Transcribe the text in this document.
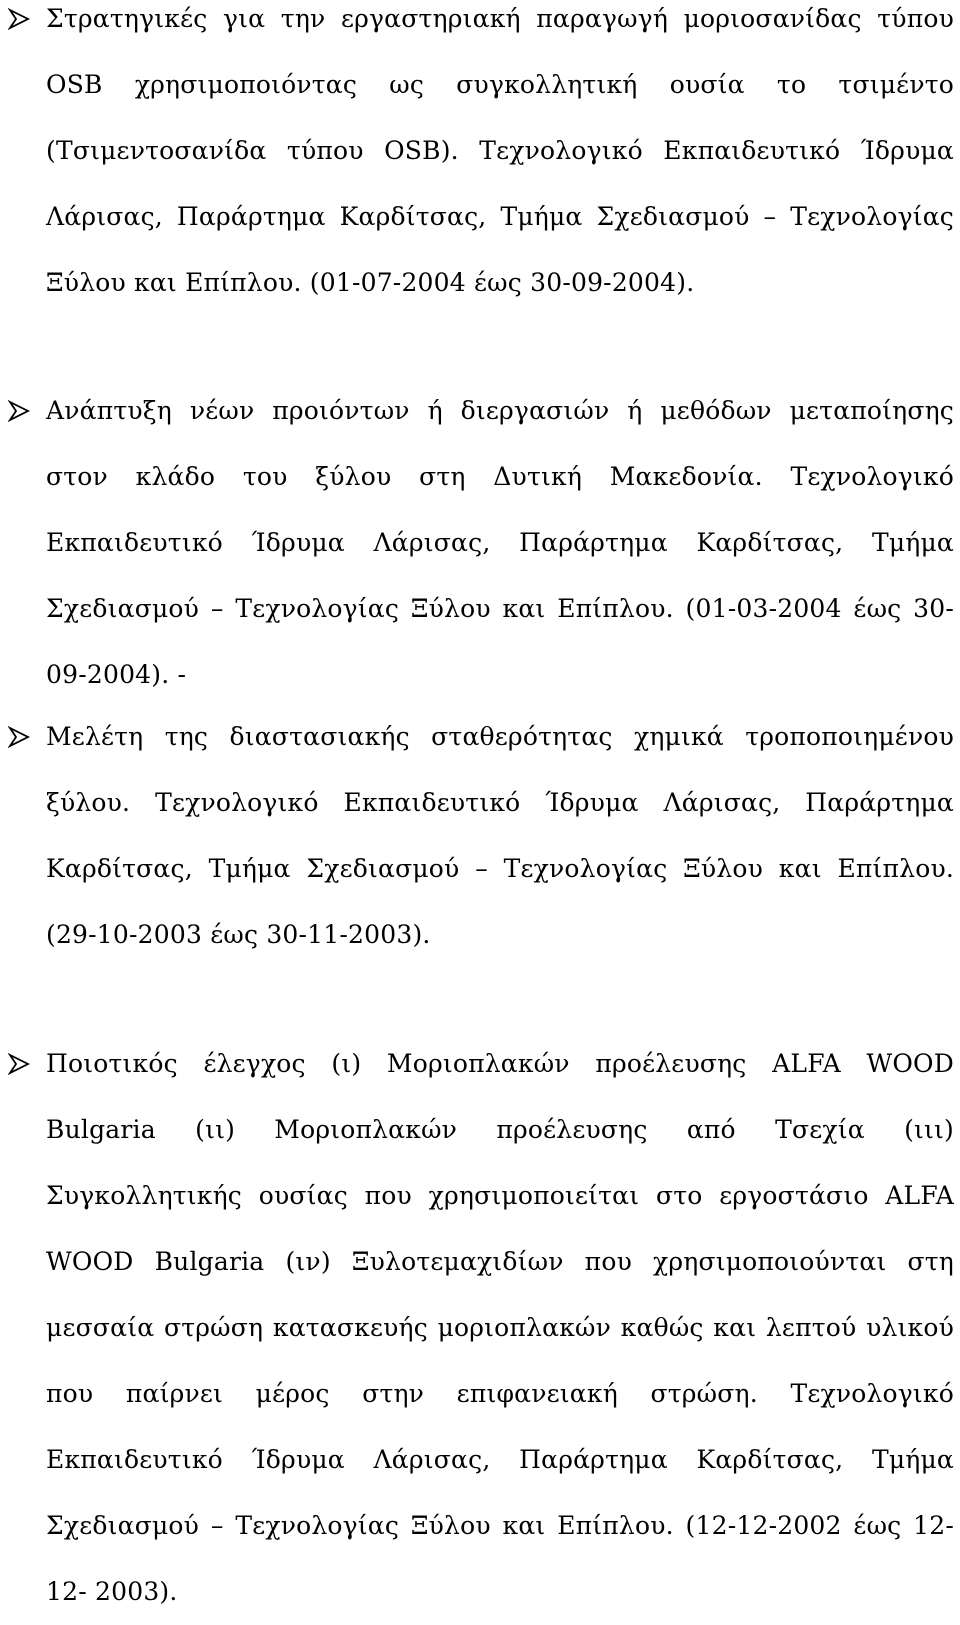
Στρατηγικές για την εργαστηριακή παραγωγή μοριοσανίδας τύπου OSB χρησιμοποιόντας ως συγκολλητική ουσία το τσιμέντο (Τσιμεντοσανίδα τύπου OSB). Τεχνολογικό Εκπαιδευτικό Ίδρυμα Λάρισας, Παράρτημα Καρδίτσας, Τμήμα Σχεδιασμού – Τεχνολογίας Ξύλου και Επίπλου. (01-07-2004 έως 30-09-2004).
Ανάπτυξη νέων προιόντων ή διεργασιών ή μεθόδων μεταποίησης στον κλάδο του ξύλου στη Δυτική Μακεδονία. Τεχνολογικό Εκπαιδευτικό Ίδρυμα Λάρισας, Παράρτημα Καρδίτσας, Τμήμα Σχεδιασμού – Τεχνολογίας Ξύλου και Επίπλου. (01-03-2004 έως 30-09-2004). -
Μελέτη της διαστασιακής σταθερότητας χημικά τροποποιημένου ξύλου. Τεχνολογικό Εκπαιδευτικό Ίδρυμα Λάρισας, Παράρτημα Καρδίτσας, Τμήμα Σχεδιασμού – Τεχνολογίας Ξύλου και Επίπλου. (29-10-2003 έως 30-11-2003).
Ποιοτικός έλεγχος (ι) Μοριοπλακών προέλευσης ALFA WOOD Bulgaria (ιι) Μοριοπλακών προέλευσης από Τσεχία (ιιι) Συγκολλητικής ουσίας που χρησιμοποιείται στο εργοστάσιο ALFA WOOD Bulgaria (ιν) Ξυλοτεμαχιδίων που χρησιμοποιούνται στη μεσσαία στρώση κατασκευής μοριοπλακών καθώς και λεπτού υλικού που παίρνει μέρος στην επιφανειακή στρώση. Τεχνολογικό Εκπαιδευτικό Ίδρυμα Λάρισας, Παράρτημα Καρδίτσας, Τμήμα Σχεδιασμού – Τεχνολογίας Ξύλου και Επίπλου. (12-12-2002 έως 12-12- 2003).
